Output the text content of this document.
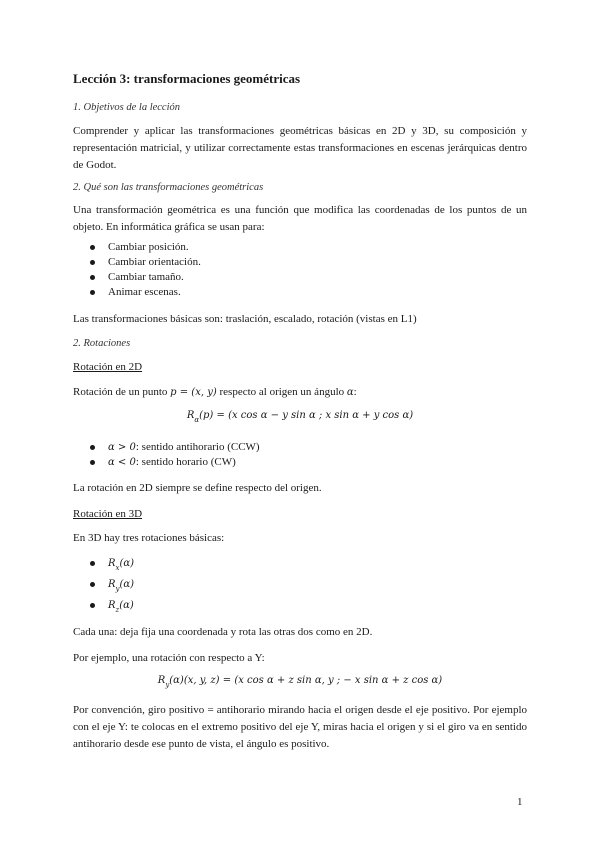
Lección 3: transformaciones geométricas
1. Objetivos de la lección

Comprender y aplicar las transformaciones geométricas básicas en 2D y 3D, su composición y representación matricial, y utilizar correctamente estas transformaciones en escenas jerárquicas dentro de Godot.

2. Qué son las transformaciones geométricas

Una transformación geométrica es una función que modifica las coordenadas de los puntos de un objeto. En informática gráfica se usan para:

Cambiar posición.
Cambiar orientación.
Cambiar tamaño.
Animar escenas.

Las transformaciones básicas son: traslación, escalado, rotación (vistas en L1)

2. Rotaciones
Rotación en 2D

Rotación de un punto p = (x, y) respecto al origen un ángulo α:

$R_\alpha(p) = (x$ cos α − y sin α ; x sin α + y cos α)
α > 0: sentido antihorario (CCW)
α < 0: sentido horario (CW)

La rotación en 2D siempre se define respecto del origen.

Rotación en 3D

En 3D hay tres rotaciones básicas:

$R_x(\alpha)$
$R_y(\alpha)$
$R_z(\alpha)$

Cada una: deja fija una coordenada y rota las otras dos como en 2D.

Por ejemplo, una rotación con respecto a Y:

$R_y(\alpha)(x$, y, z) = (x cos α + z sin α, y ; − x sin α + z cos α)

Por convención, giro positivo = antihorario mirando hacia el origen desde el eje positivo. Por ejemplo con el eje Y: te colocas en el extremo positivo del eje Y, miras hacia el origen y si el giro va en sentido antihorario desde ese punto de vista, el ángulo es positivo.

1
